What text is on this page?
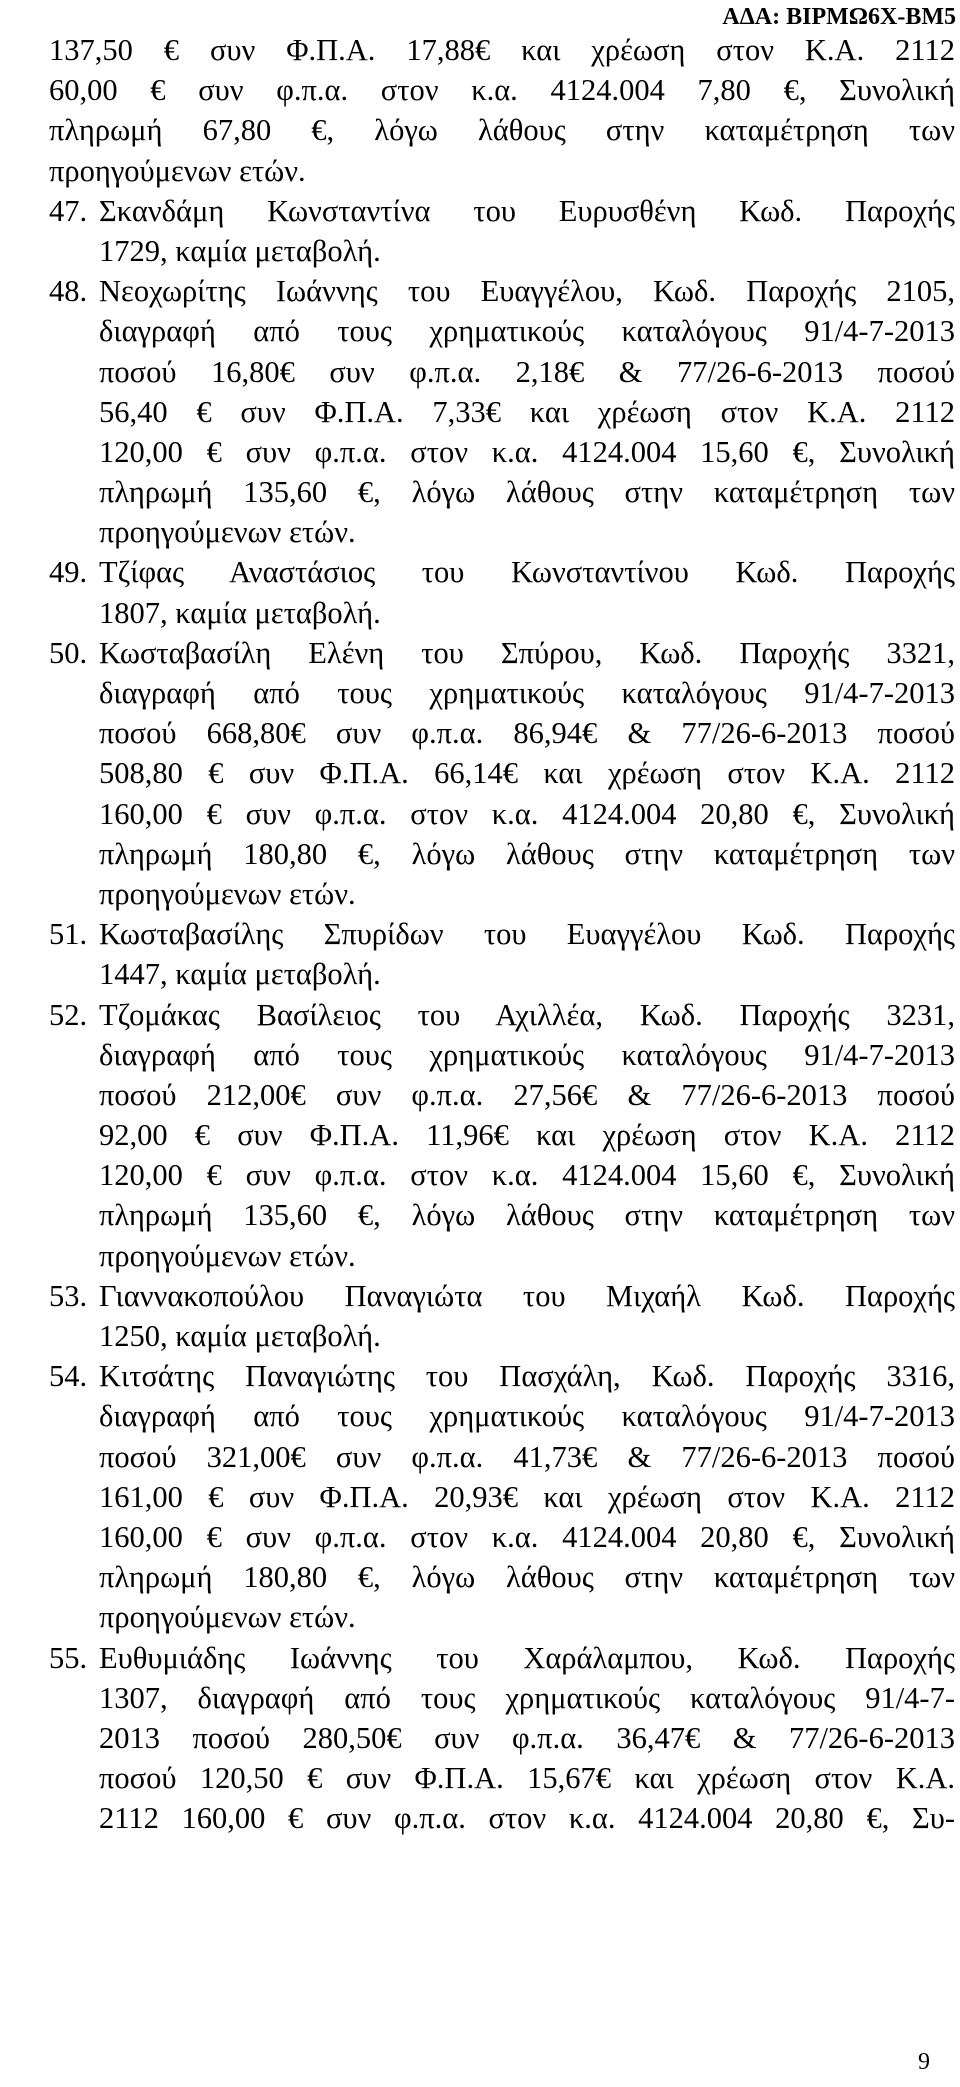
ΑΔΑ: ΒΙΡΜΩ6Χ-ΒΜ5
137,50 € συν Φ.Π.Α. 17,88€ και χρέωση στον Κ.Α. 2112
60,00 € συν φ.π.α. στον κ.α. 4124.004 7,80 €, Συνολική
πληρωμή 67,80 €, λόγω λάθους στην καταμέτρηση των
προηγούμενων ετών.
47. Σκανδάμη Κωνσταντίνα του Ευρυσθένη Κωδ. Παροχής
1729, καμία μεταβολή.
48. Νεοχωρίτης Ιωάννης του Ευαγγέλου, Κωδ. Παροχής 2105,
διαγραφή από τους χρηματικούς καταλόγους 91/4-7-2013
ποσού 16,80€ συν φ.π.α. 2,18€ & 77/26-6-2013 ποσού
56,40 € συν Φ.Π.Α. 7,33€ και χρέωση στον Κ.Α. 2112
120,00 € συν φ.π.α. στον κ.α. 4124.004 15,60 €, Συνολική
πληρωμή 135,60 €, λόγω λάθους στην καταμέτρηση των
προηγούμενων ετών.
49. Τζίφας Αναστάσιος του Κωνσταντίνου Κωδ. Παροχής
1807, καμία μεταβολή.
50. Κωσταβασίλη Ελένη του Σπύρου, Κωδ. Παροχής 3321,
διαγραφή από τους χρηματικούς καταλόγους 91/4-7-2013
ποσού 668,80€ συν φ.π.α. 86,94€ & 77/26-6-2013 ποσού
508,80 € συν Φ.Π.Α. 66,14€ και χρέωση στον Κ.Α. 2112
160,00 € συν φ.π.α. στον κ.α. 4124.004 20,80 €, Συνολική
πληρωμή 180,80 €, λόγω λάθους στην καταμέτρηση των
προηγούμενων ετών.
51. Κωσταβασίλης Σπυρίδων του Ευαγγέλου Κωδ. Παροχής
1447, καμία μεταβολή.
52. Τζομάκας Βασίλειος του Αχιλλέα, Κωδ. Παροχής 3231,
διαγραφή από τους χρηματικούς καταλόγους 91/4-7-2013
ποσού 212,00€ συν φ.π.α. 27,56€ & 77/26-6-2013 ποσού
92,00 € συν Φ.Π.Α. 11,96€ και χρέωση στον Κ.Α. 2112
120,00 € συν φ.π.α. στον κ.α. 4124.004 15,60 €, Συνολική
πληρωμή 135,60 €, λόγω λάθους στην καταμέτρηση των
προηγούμενων ετών.
53. Γιαννακοπούλου Παναγιώτα του Μιχαήλ Κωδ. Παροχής
1250, καμία μεταβολή.
54. Κιτσάτης Παναγιώτης του Πασχάλη, Κωδ. Παροχής 3316,
διαγραφή από τους χρηματικούς καταλόγους 91/4-7-2013
ποσού 321,00€ συν φ.π.α. 41,73€ & 77/26-6-2013 ποσού
161,00 € συν Φ.Π.Α. 20,93€ και χρέωση στον Κ.Α. 2112
160,00 € συν φ.π.α. στον κ.α. 4124.004 20,80 €, Συνολική
πληρωμή 180,80 €, λόγω λάθους στην καταμέτρηση των
προηγούμενων ετών.
55. Ευθυμιάδης Ιωάννης του Χαράλαμπου, Κωδ. Παροχής
1307, διαγραφή από τους χρηματικούς καταλόγους 91/4-7-
2013 ποσού 280,50€ συν φ.π.α. 36,47€ & 77/26-6-2013
ποσού 120,50 € συν Φ.Π.Α. 15,67€ και χρέωση στον Κ.Α.
2112 160,00 € συν φ.π.α. στον κ.α. 4124.004 20,80 €, Συ-
9
